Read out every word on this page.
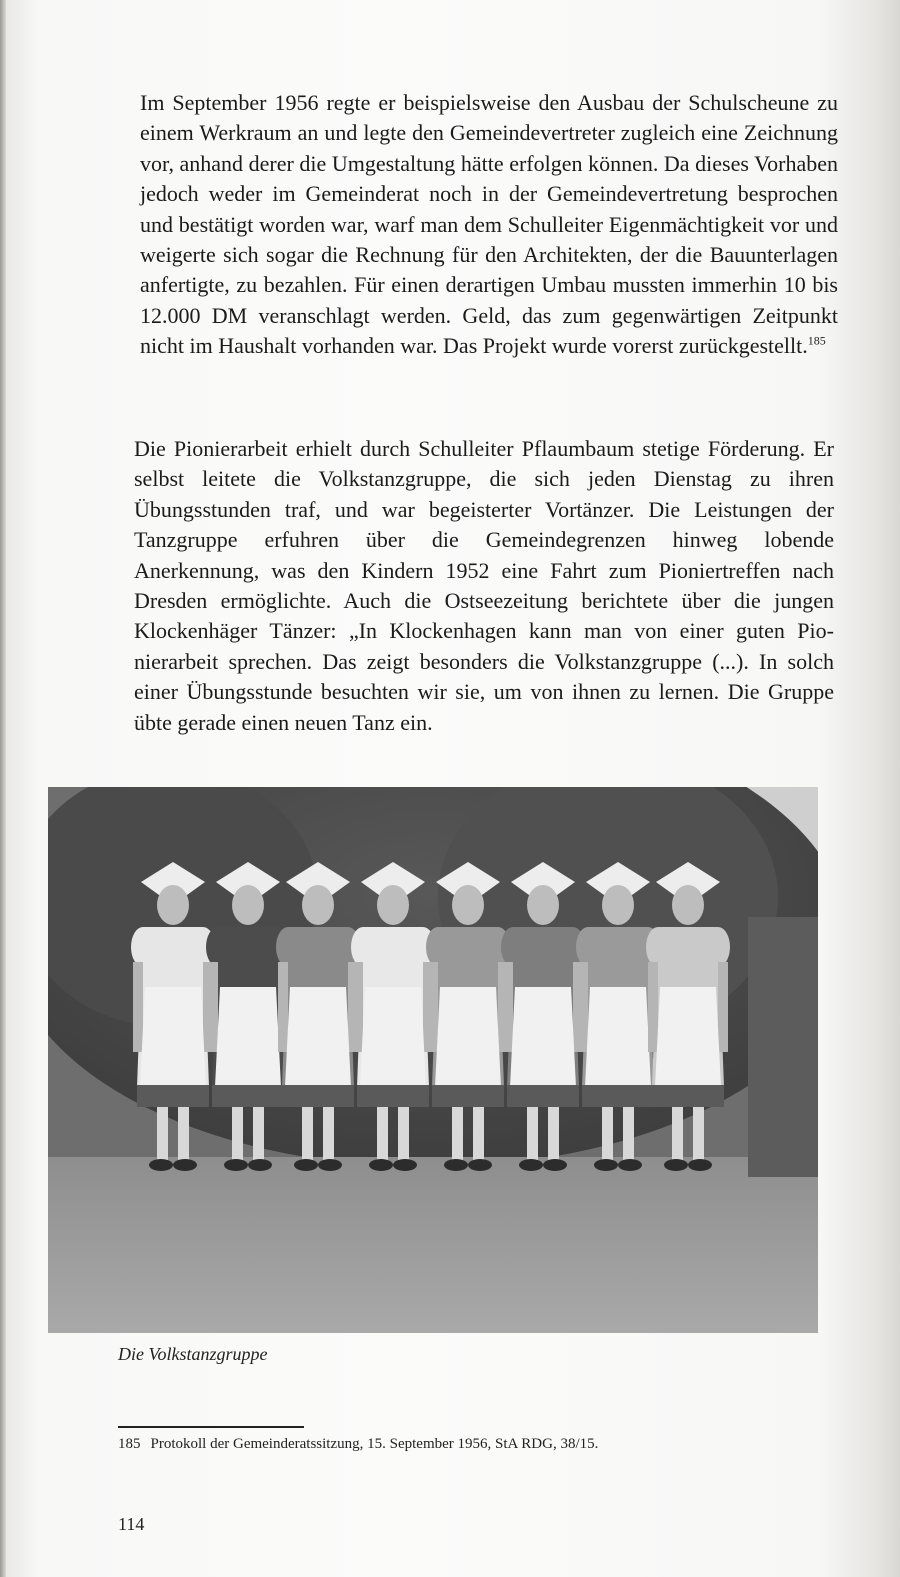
Im September 1956 regte er beispielsweise den Ausbau der Schulscheune zu einem Werkraum an und legte den Gemeindevertreter zugleich eine Zeichnung vor, anhand derer die Umgestaltung hätte erfolgen können. Da dieses Vorhaben jedoch weder im Gemeinderat noch in der Gemeindevertretung besprochen und bestätigt worden war, warf man dem Schulleiter Eigenmächtigkeit vor und weigerte sich sogar die Rechnung für den Architekten, der die Bauunterlagen anfertigte, zu bezahlen. Für einen derartigen Umbau mussten immerhin 10 bis 12.000 DM veranschlagt werden. Geld, das zum gegenwärtigen Zeitpunkt nicht im Haushalt vorhanden war. Das Projekt wurde vorerst zurückgestellt.$^{185}$
Die Pionierarbeit erhielt durch Schulleiter Pflaumbaum stetige Förderung. Er selbst leitete die Volkstanzgruppe, die sich jeden Dienstag zu ihren Übungsstunden traf, und war begeisterter Vortänzer. Die Leistungen der Tanzgruppe erfuhren über die Gemeindegrenzen hinweg lobende Anerkennung, was den Kindern 1952 eine Fahrt zum Pioniertreffen nach Dresden ermöglichte. Auch die Ostseezeitung berichtete über die jungen Klockenhäger Tänzer: „In Klockenhagen kann man von einer guten Pionierarbeit sprechen. Das zeigt besonders die Volkstanzgruppe (...). In solch einer Übungsstunde besuchten wir sie, um von ihnen zu lernen. Die Gruppe übte gerade einen neuen Tanz ein.
Die Volkstanzgruppe
185 Protokoll der Gemeinderatssitzung, 15. September 1956, StA RDG, 38/15.
114
